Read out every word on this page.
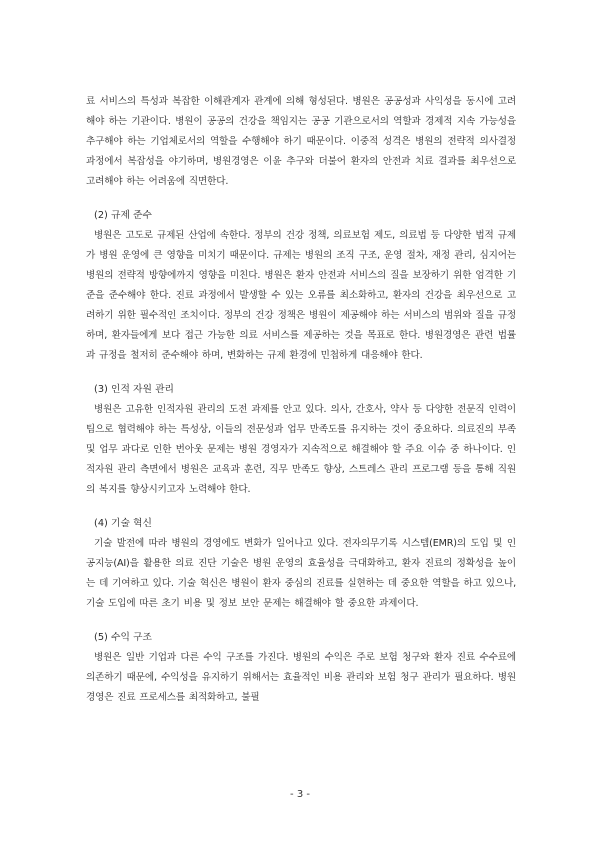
료 서비스의 특성과 복잡한 이해관계자 관계에 의해 형성된다. 병원은 공공성과 사익성을 동시에 고려해야 하는 기관이다. 병원이 공공의 건강을 책임지는 공공 기관으로서의 역할과 경제적 지속 가능성을 추구해야 하는 기업체로서의 역할을 수행해야 하기 때문이다. 이중적 성격은 병원의 전략적 의사결정 과정에서 복잡성을 야기하며, 병원경영은 이윤 추구와 더불어 환자의 안전과 치료 결과를 최우선으로 고려해야 하는 어려움에 직면한다.

(2) 규제 준수

병원은 고도로 규제된 산업에 속한다. 정부의 건강 정책, 의료보험 제도, 의료법 등 다양한 법적 규제가 병원 운영에 큰 영향을 미치기 때문이다. 규제는 병원의 조직 구조, 운영 절차, 재정 관리, 심지어는 병원의 전략적 방향에까지 영향을 미친다. 병원은 환자 안전과 서비스의 질을 보장하기 위한 엄격한 기준을 준수해야 한다. 진료 과정에서 발생할 수 있는 오류를 최소화하고, 환자의 건강을 최우선으로 고려하기 위한 필수적인 조치이다. 정부의 건강 정책은 병원이 제공해야 하는 서비스의 범위와 질을 규정하며, 환자들에게 보다 접근 가능한 의료 서비스를 제공하는 것을 목표로 한다. 병원경영은 관련 법률과 규정을 철저히 준수해야 하며, 변화하는 규제 환경에 민첩하게 대응해야 한다.

(3) 인적 자원 관리

병원은 고유한 인적자원 관리의 도전 과제를 안고 있다. 의사, 간호사, 약사 등 다양한 전문직 인력이 팀으로 협력해야 하는 특성상, 이들의 전문성과 업무 만족도를 유지하는 것이 중요하다. 의료진의 부족 및 업무 과다로 인한 번아웃 문제는 병원 경영자가 지속적으로 해결해야 할 주요 이슈 중 하나이다. 인적자원 관리 측면에서 병원은 교육과 훈련, 직무 만족도 향상, 스트레스 관리 프로그램 등을 통해 직원의 복지를 향상시키고자 노력해야 한다.

(4) 기술 혁신

기술 발전에 따라 병원의 경영에도 변화가 일어나고 있다. 전자의무기록 시스템(EMR)의 도입 및 인공지능(AI)을 활용한 의료 진단 기술은 병원 운영의 효율성을 극대화하고, 환자 진료의 정확성을 높이는 데 기여하고 있다. 기술 혁신은 병원이 환자 중심의 진료를 실현하는 데 중요한 역할을 하고 있으나, 기술 도입에 따른 초기 비용 및 정보 보안 문제는 해결해야 할 중요한 과제이다.

(5) 수익 구조

병원은 일반 기업과 다른 수익 구조를 가진다. 병원의 수익은 주로 보험 청구와 환자 진료 수수료에 의존하기 때문에, 수익성을 유지하기 위해서는 효율적인 비용 관리와 보험 청구 관리가 필요하다. 병원경영은 진료 프로세스를 최적화하고, 불필

- 3 -
